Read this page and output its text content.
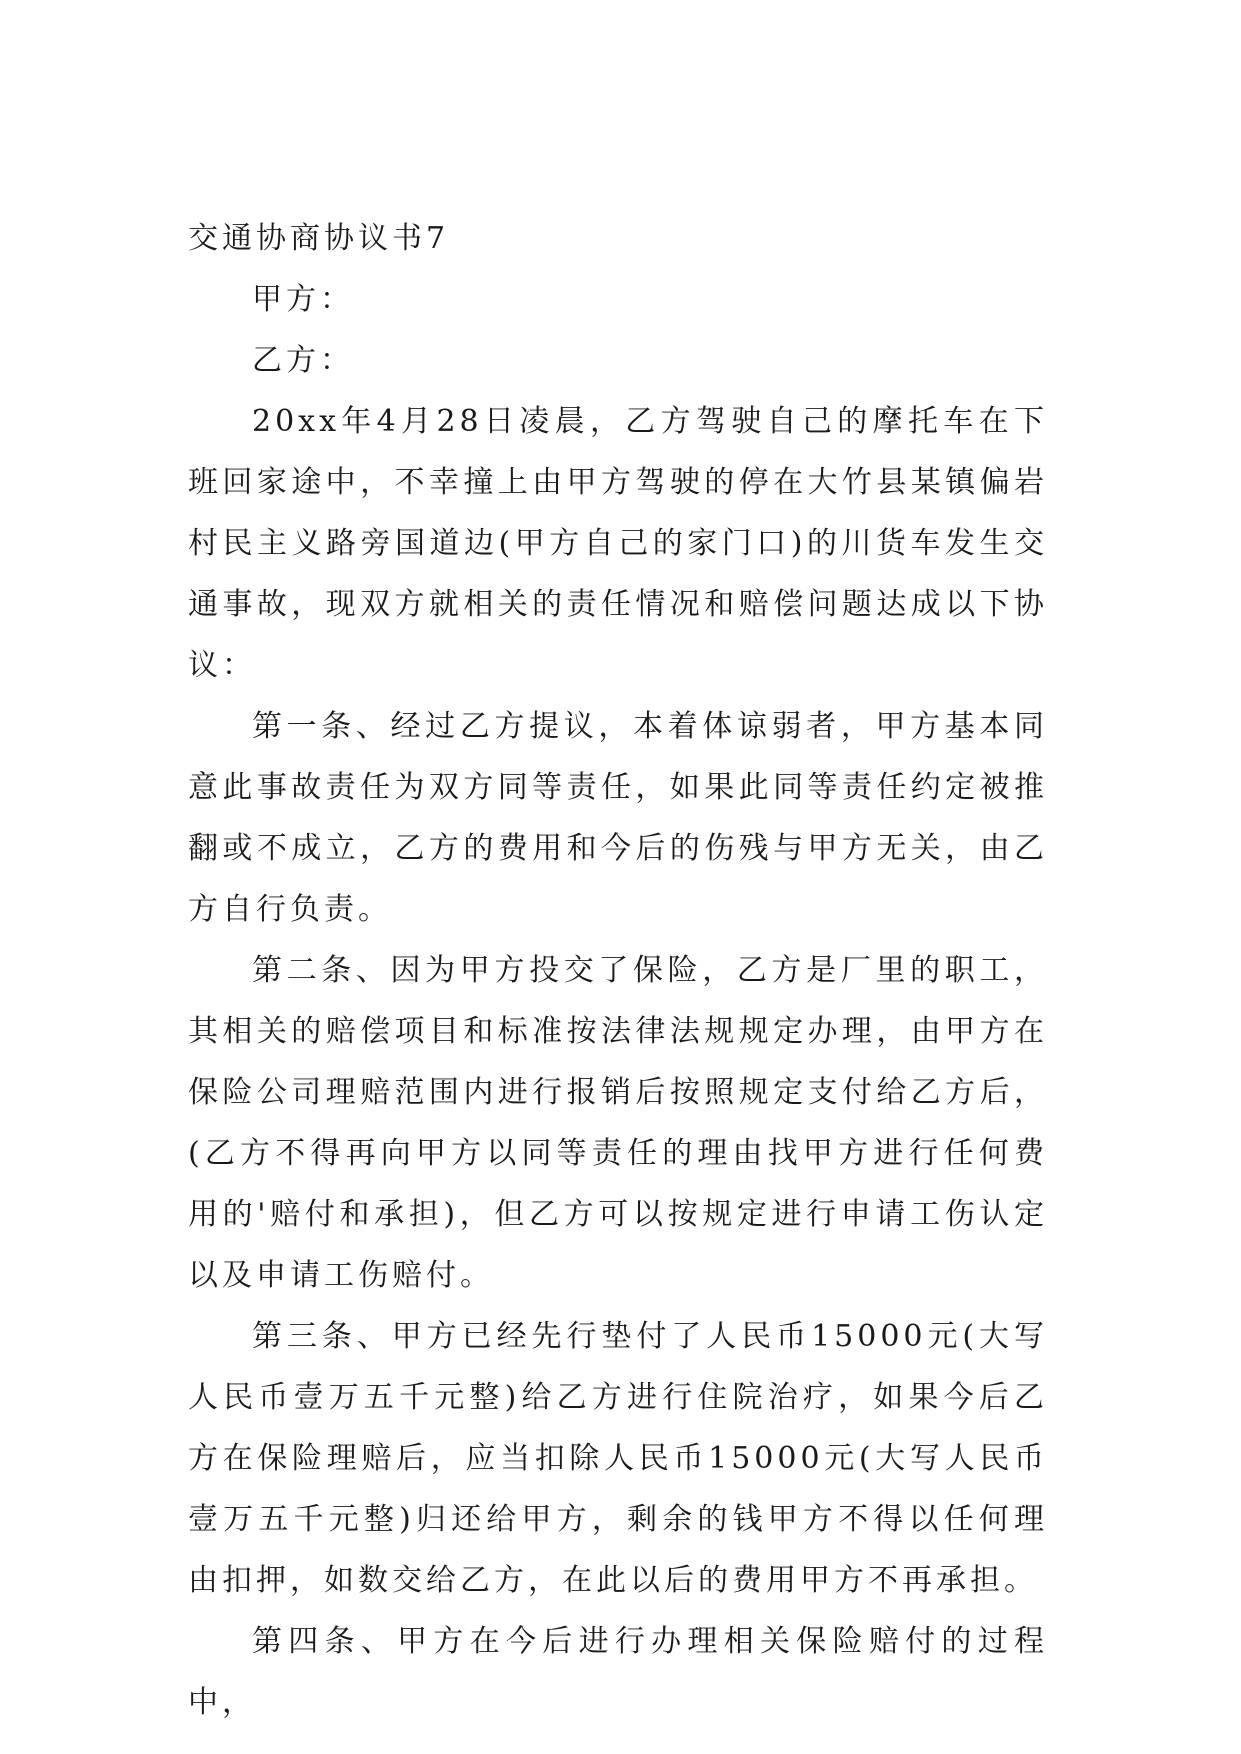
交通协商协议书7

甲方：

乙方：

20xx年4月28日凌晨，乙方驾驶自己的摩托车在下班回家途中，不幸撞上由甲方驾驶的停在大竹县某镇偏岩村民主义路旁国道边(甲方自己的家门口)的川货车发生交通事故，现双方就相关的责任情况和赔偿问题达成以下协议：

第一条、经过乙方提议，本着体谅弱者，甲方基本同意此事故责任为双方同等责任，如果此同等责任约定被推翻或不成立，乙方的费用和今后的伤残与甲方无关，由乙方自行负责。

第二条、因为甲方投交了保险，乙方是厂里的职工，其相关的赔偿项目和标准按法律法规规定办理，由甲方在保险公司理赔范围内进行报销后按照规定支付给乙方后，(乙方不得再向甲方以同等责任的理由找甲方进行任何费用的'赔付和承担)，但乙方可以按规定进行申请工伤认定以及申请工伤赔付。

第三条、甲方已经先行垫付了人民币15000元(大写人民币壹万五千元整)给乙方进行住院治疗，如果今后乙方在保险理赔后，应当扣除人民币15000元(大写人民币壹万五千元整)归还给甲方，剩余的钱甲方不得以任何理由扣押，如数交给乙方，在此以后的费用甲方不再承担。

第四条、甲方在今后进行办理相关保险赔付的过程中，
